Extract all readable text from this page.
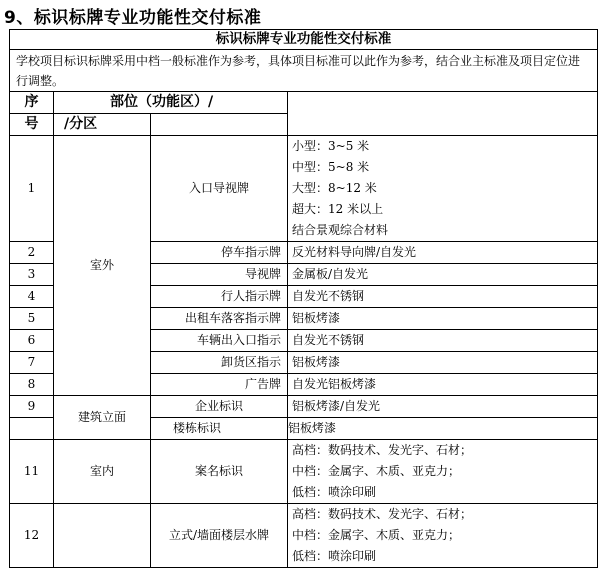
9、标识标牌专业功能性交付标准
标识标牌专业功能性交付标准			
学校项目标识标牌采用中档一般标准作为参考，具体项目标准可以此作为参考，结合业主标准及项目定位进行调整。			
序	部位（功能区）/		
号	/分区		
1	室外	入口导视牌	小型：3~5 米
中型：5~8 米
大型：8~12 米
超大：12 米以上
结合景观综合材料

2		停车指示牌	反光材料导向牌/自发光
3		导视牌	金属板/自发光
4		行人指示牌	自发光不锈钢
5		出租车落客指示牌	铝板烤漆
6		车辆出入口指示	自发光不锈钢
7		卸货区指示	铝板烤漆
8		广告牌	自发光铝板烤漆
9	建筑立面	企业标识	铝板烤漆/自发光
		楼栋标识	铝板烤漆
11	室内	案名标识	高档：数码技术、发光字、石材；
中档：金属字、木质、亚克力；
低档：喷涂印刷

12		立式/墙面楼层水牌	高档：数码技术、发光字、石材；
中档：金属字、木质、亚克力；
低档：喷涂印刷
